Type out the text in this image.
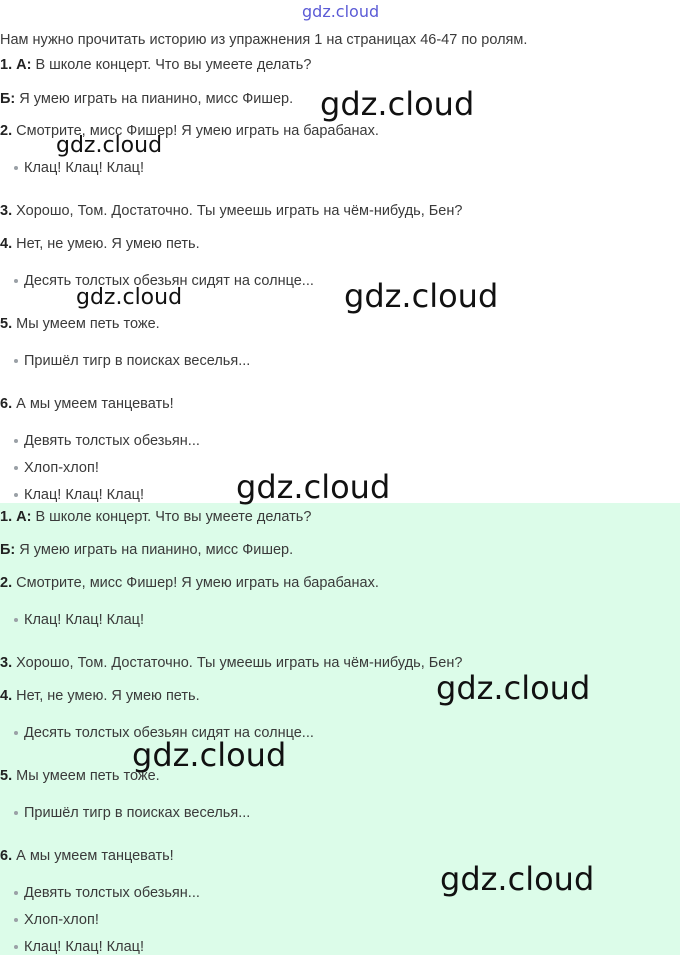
gdz.cloud
Нам нужно прочитать историю из упражнения 1 на страницах 46-47 по ролям.
1. А: В школе концерт. Что вы умеете делать?
Б: Я умею играть на пианино, мисс Фишер.
2. Смотрите, мисс Фишер! Я умею играть на барабанах.
Клац! Клац! Клац!
3. Хорошо, Том. Достаточно. Ты умеешь играть на чём-нибудь, Бен?
4. Нет, не умею. Я умею петь.
Десять толстых обезьян сидят на солнце...
5. Мы умеем петь тоже.
Пришёл тигр в поисках веселья...
6. А мы умеем танцевать!
Девять толстых обезьян...
Хлоп-хлоп!
Клац! Клац! Клац!
1. А: В школе концерт. Что вы умеете делать?
Б: Я умею играть на пианино, мисс Фишер.
2. Смотрите, мисс Фишер! Я умею играть на барабанах.
Клац! Клац! Клац!
3. Хорошо, Том. Достаточно. Ты умеешь играть на чём-нибудь, Бен?
4. Нет, не умею. Я умею петь.
Десять толстых обезьян сидят на солнце...
5. Мы умеем петь тоже.
Пришёл тигр в поисках веселья...
6. А мы умеем танцевать!
Девять толстых обезьян...
Хлоп-хлоп!
Клац! Клац! Клац!
gdz.cloud
gdz.cloud
gdz.cloud
gdz.cloud
gdz.cloud
gdz.cloud
gdz.cloud
gdz.cloud
